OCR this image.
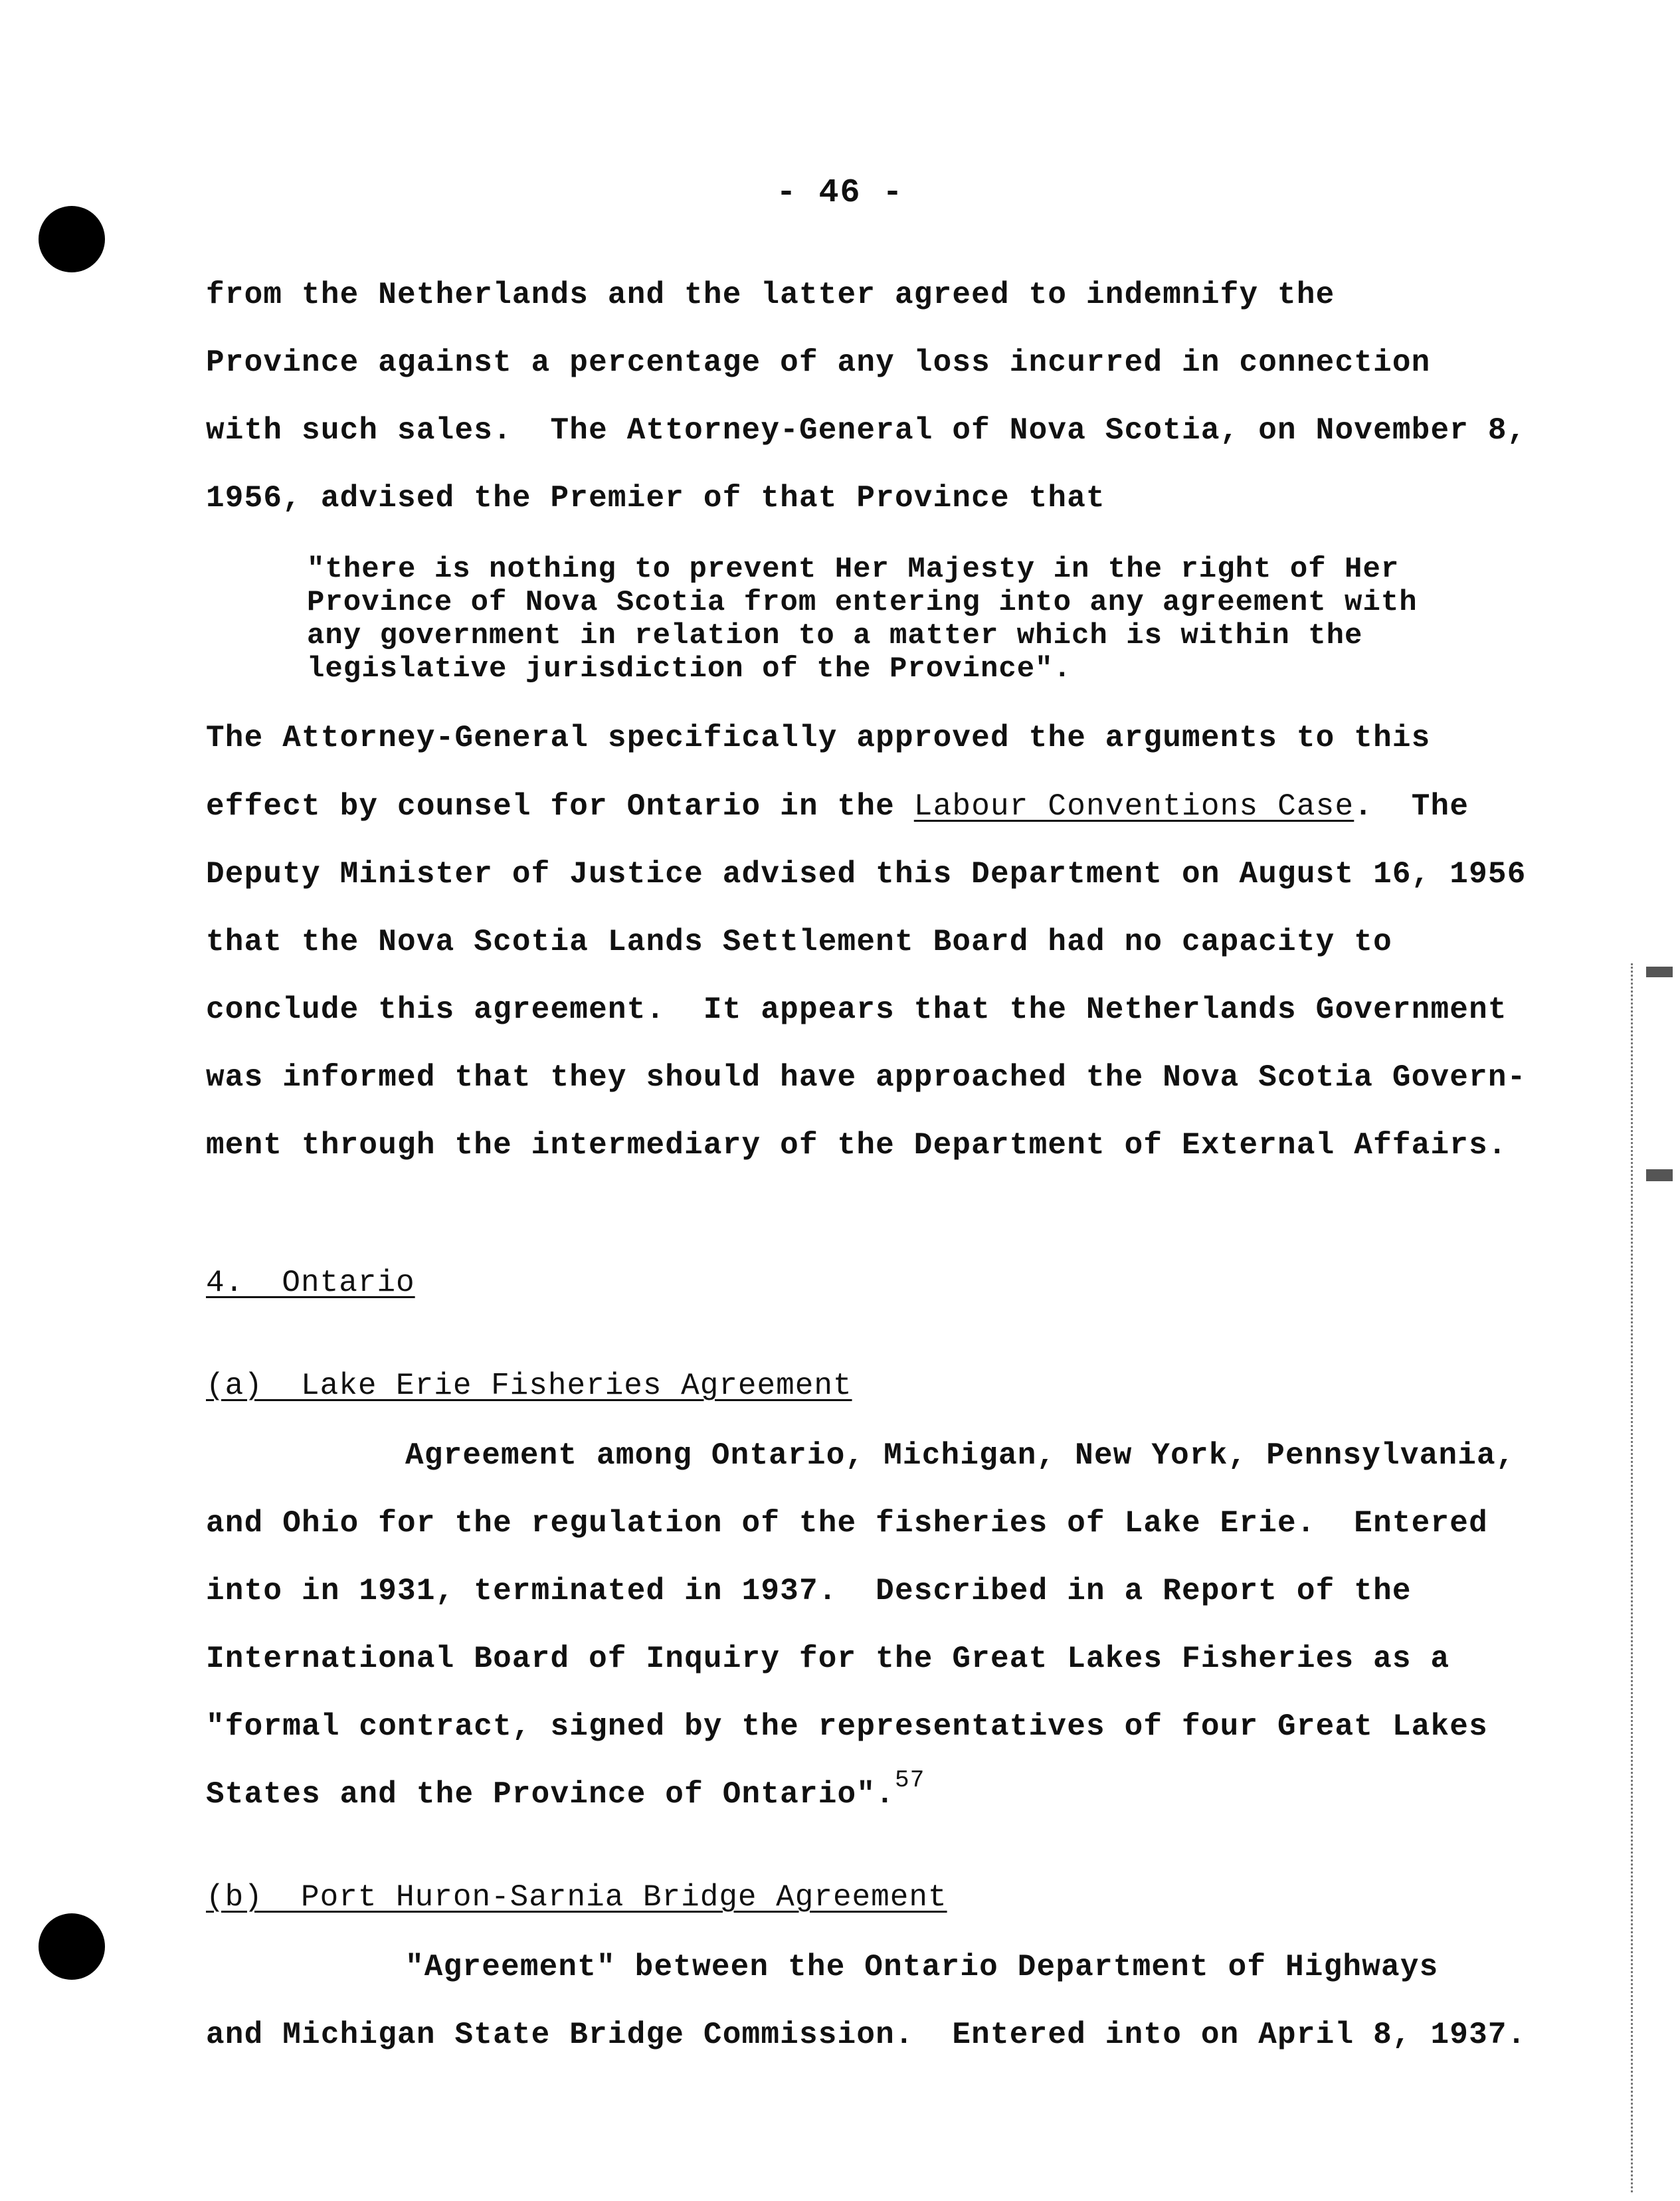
- 46 -
from the Netherlands and the latter agreed to indemnify the
Province against a percentage of any loss incurred in connection
with such sales.  The Attorney-General of Nova Scotia, on November 8,
1956, advised the Premier of that Province that
"there is nothing to prevent Her Majesty in the right of Her
Province of Nova Scotia from entering into any agreement with
any government in relation to a matter which is within the
legislative jurisdiction of the Province".
The Attorney-General specifically approved the arguments to this
effect by counsel for Ontario in the Labour Conventions Case.  The
Deputy Minister of Justice advised this Department on August 16, 1956
that the Nova Scotia Lands Settlement Board had no capacity to
conclude this agreement.  It appears that the Netherlands Government
was informed that they should have approached the Nova Scotia Govern-
ment through the intermediary of the Department of External Affairs.
4.  Ontario
(a)  Lake Erie Fisheries Agreement
Agreement among Ontario, Michigan, New York, Pennsylvania,
and Ohio for the regulation of the fisheries of Lake Erie.  Entered
into in 1931, terminated in 1937.  Described in a Report of the
International Board of Inquiry for the Great Lakes Fisheries as a
"formal contract, signed by the representatives of four Great Lakes
States and the Province of Ontario".$^{57}$
(b)  Port Huron-Sarnia Bridge Agreement
"Agreement" between the Ontario Department of Highways
and Michigan State Bridge Commission.  Entered into on April 8, 1937.
